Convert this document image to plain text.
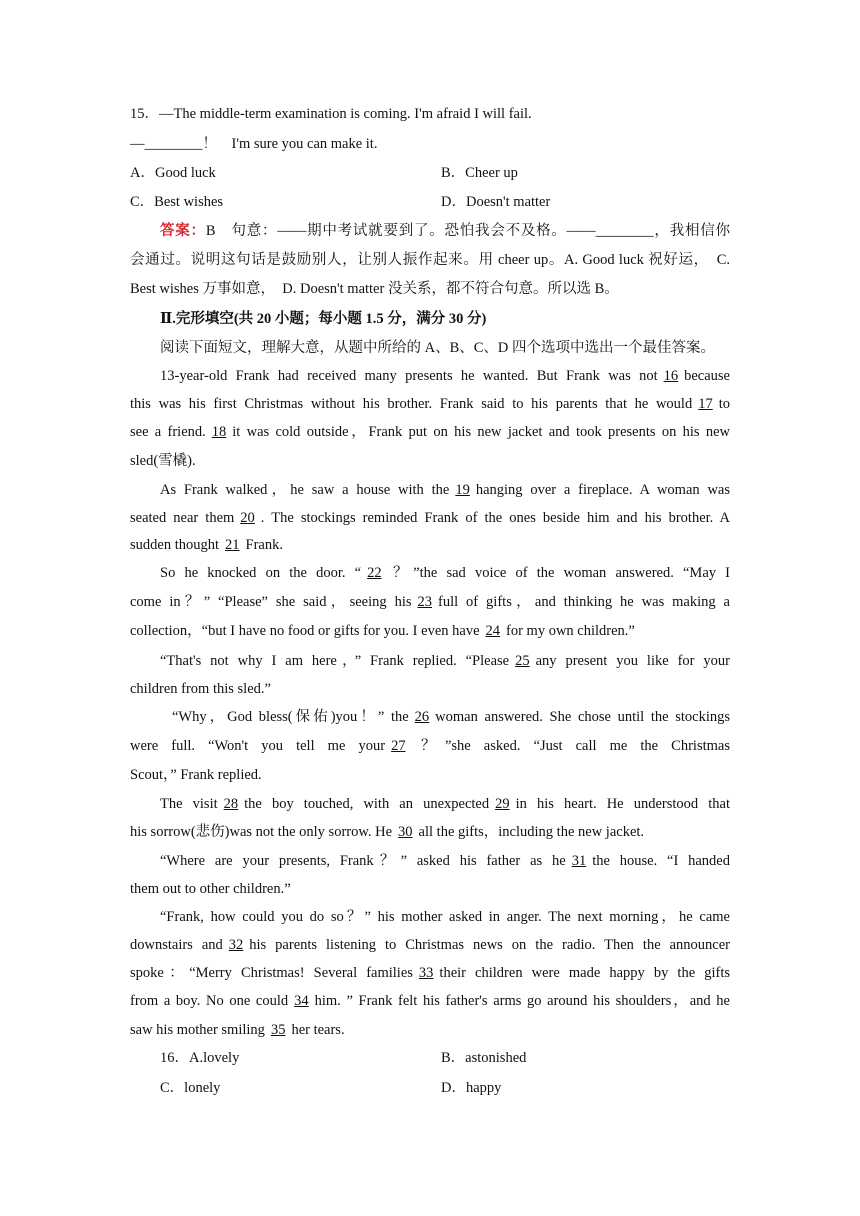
15．—The middle-term examination is coming. I'm afraid I will fail.
—________！　I'm sure you can make it.
A．Good luck	B．Cheer up
C．Best wishes	D．Doesn't matter
答案：B　句意：——期中考试就要到了。恐怕我会不及格。——________，我相信你
会通过。说明这句话是鼓励别人，让别人振作起来。用 cheer up。A. Good luck 祝好运，　C.
Best wishes 万事如意，　D. Doesn't matter 没关系，都不符合句意。所以选 B。
Ⅱ.完形填空(共 20 小题；每小题 1.5 分，满分 30 分)
阅读下面短文，理解大意，从题中所给的 A、B、C、D 四个选项中选出一个最佳答案。
13-year-old Frank had received many presents he wanted. But Frank was not 16 because
this was his first Christmas without his brother. Frank said to his parents that he would 17 to
see a friend. 18 it was cold outside，Frank put on his new jacket and took presents on his new
sled(雪橇).
As Frank walked，he saw a house with the 19 hanging over a fireplace. A woman was
seated near them 20 . The stockings reminded Frank of the ones beside him and his brother. A
sudden thought 21 Frank.
So he knocked on the door. “ 22 ？”the sad voice of the woman answered. “May I
come in？” “Please” she said，seeing his 23 full of gifts，and thinking he was making a
collection，“but I have no food or gifts for you. I even have 24 for my own children.”
“That's not why I am here，” Frank replied. “Please 25 any present you like for your
children from this sled.”
“Why，God bless(保佑)you！” the 26 woman answered. She chose until the stockings
were full. “Won't you tell me your 27 ？”she asked. “Just call me the Christmas
Scout，” Frank replied.
The visit 28 the boy touched, with an unexpected 29 in his heart. He understood that
his sorrow(悲伤)was not the only sorrow. He 30 all the gifts，including the new jacket.
“Where are your presents, Frank？” asked his father as he 31 the house. “I handed
them out to other children.”
“Frank, how could you do so？” his mother asked in anger. The next morning，he came
downstairs and 32 his parents listening to Christmas news on the radio. Then the announcer
spoke：“Merry Christmas! Several families 33 their children were made happy by the gifts
from a boy. No one could 34 him. ” Frank felt his father's arms go around his shoulders，and he
saw his mother smiling 35 her tears.
16．A.lovely	B．astonished
C．lonely	D．happy
